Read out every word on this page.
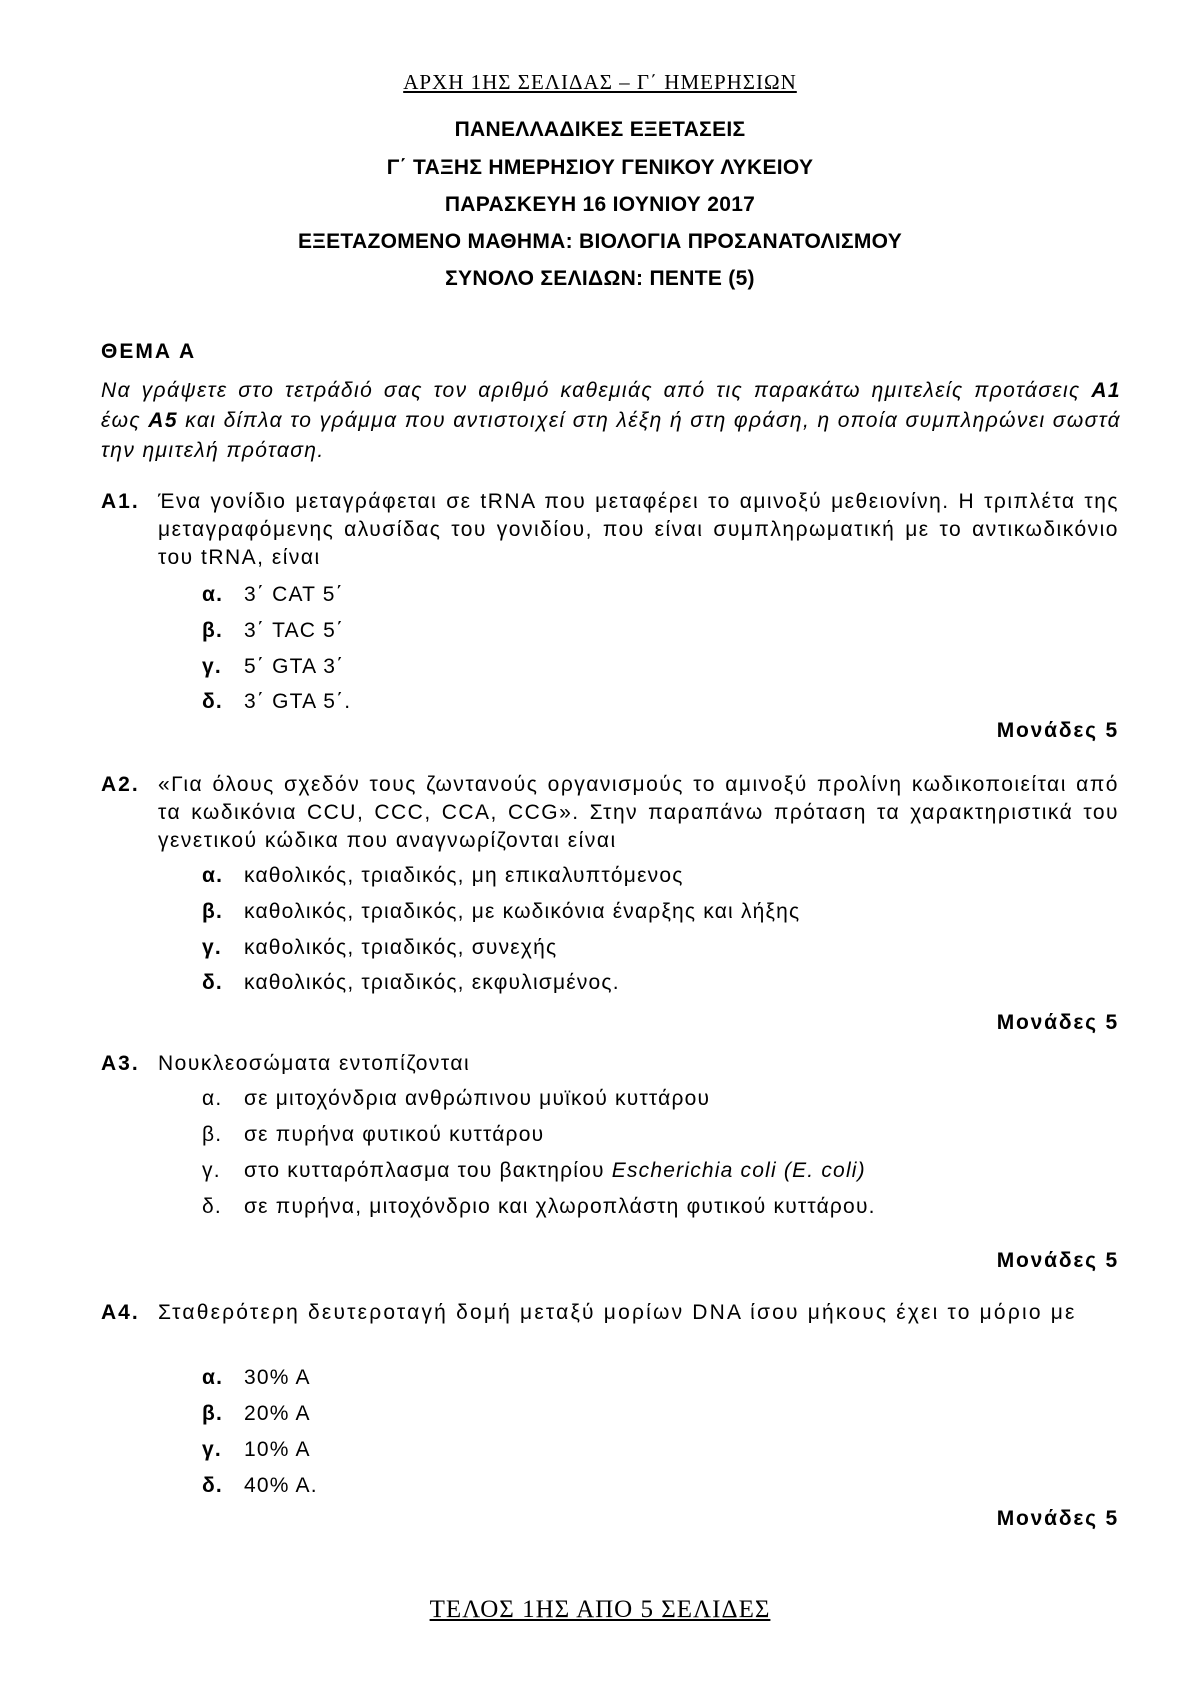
ΑΡΧΗ 1ΗΣ ΣΕΛΙΔΑΣ – Γ΄ ΗΜΕΡΗΣΙΩΝ
ΠΑΝΕΛΛΑΔΙΚΕΣ ΕΞΕΤΑΣΕΙΣ
Γ΄ ΤΑΞΗΣ ΗΜΕΡΗΣΙΟΥ ΓΕΝΙΚΟΥ ΛΥΚΕΙΟΥ
ΠΑΡΑΣΚΕΥΗ 16 ΙΟΥΝΙΟΥ 2017
ΕΞΕΤΑΖΟΜΕΝΟ ΜΑΘΗΜΑ: ΒΙΟΛΟΓΙΑ ΠΡΟΣΑΝΑΤΟΛΙΣΜΟΥ
ΣΥΝΟΛΟ ΣΕΛΙΔΩΝ: ΠΕΝΤΕ (5)
ΘΕΜΑ Α
Να γράψετε στο τετράδιό σας τον αριθμό καθεμιάς από τις παρακάτω ημιτελείς προτάσεις Α1 έως Α5 και δίπλα το γράμμα που αντιστοιχεί στη λέξη ή στη φράση, η οποία συμπληρώνει σωστά την ημιτελή πρόταση.
Α1. Ένα γονίδιο μεταγράφεται σε tRNA που μεταφέρει το αμινοξύ μεθειονίνη. Η τριπλέτα της μεταγραφόμενης αλυσίδας του γονιδίου, που είναι συμπληρωματική με το αντικωδικόνιο του tRNA, είναι
α. 3΄ CAT 5΄
β. 3΄ TAC 5΄
γ. 5΄ GTA 3΄
δ. 3΄ GTA 5΄.
Μονάδες 5
Α2. «Για όλους σχεδόν τους ζωντανούς οργανισμούς το αμινοξύ προλίνη κωδικοποιείται από τα κωδικόνια CCU, CCC, CCA, CCG». Στην παραπάνω πρόταση τα χαρακτηριστικά του γενετικού κώδικα που αναγνωρίζονται είναι
α. καθολικός, τριαδικός, μη επικαλυπτόμενος
β. καθολικός, τριαδικός, με κωδικόνια έναρξης και λήξης
γ. καθολικός, τριαδικός, συνεχής
δ. καθολικός, τριαδικός, εκφυλισμένος.
Μονάδες 5
Α3. Νουκλεοσώματα εντοπίζονται
α. σε μιτοχόνδρια ανθρώπινου μυϊκού κυττάρου
β. σε πυρήνα φυτικού κυττάρου
γ. στο κυτταρόπλασμα του βακτηρίου Escherichia coli (E. coli)
δ. σε πυρήνα, μιτοχόνδριο και χλωροπλάστη φυτικού κυττάρου.
Μονάδες 5
Α4. Σταθερότερη δευτεροταγή δομή μεταξύ μορίων DNA ίσου μήκους έχει το μόριο με
α. 30% A
β. 20% A
γ. 10% A
δ. 40% A.
Μονάδες 5
ΤΕΛΟΣ 1ΗΣ ΑΠΟ 5 ΣΕΛΙΔΕΣ
